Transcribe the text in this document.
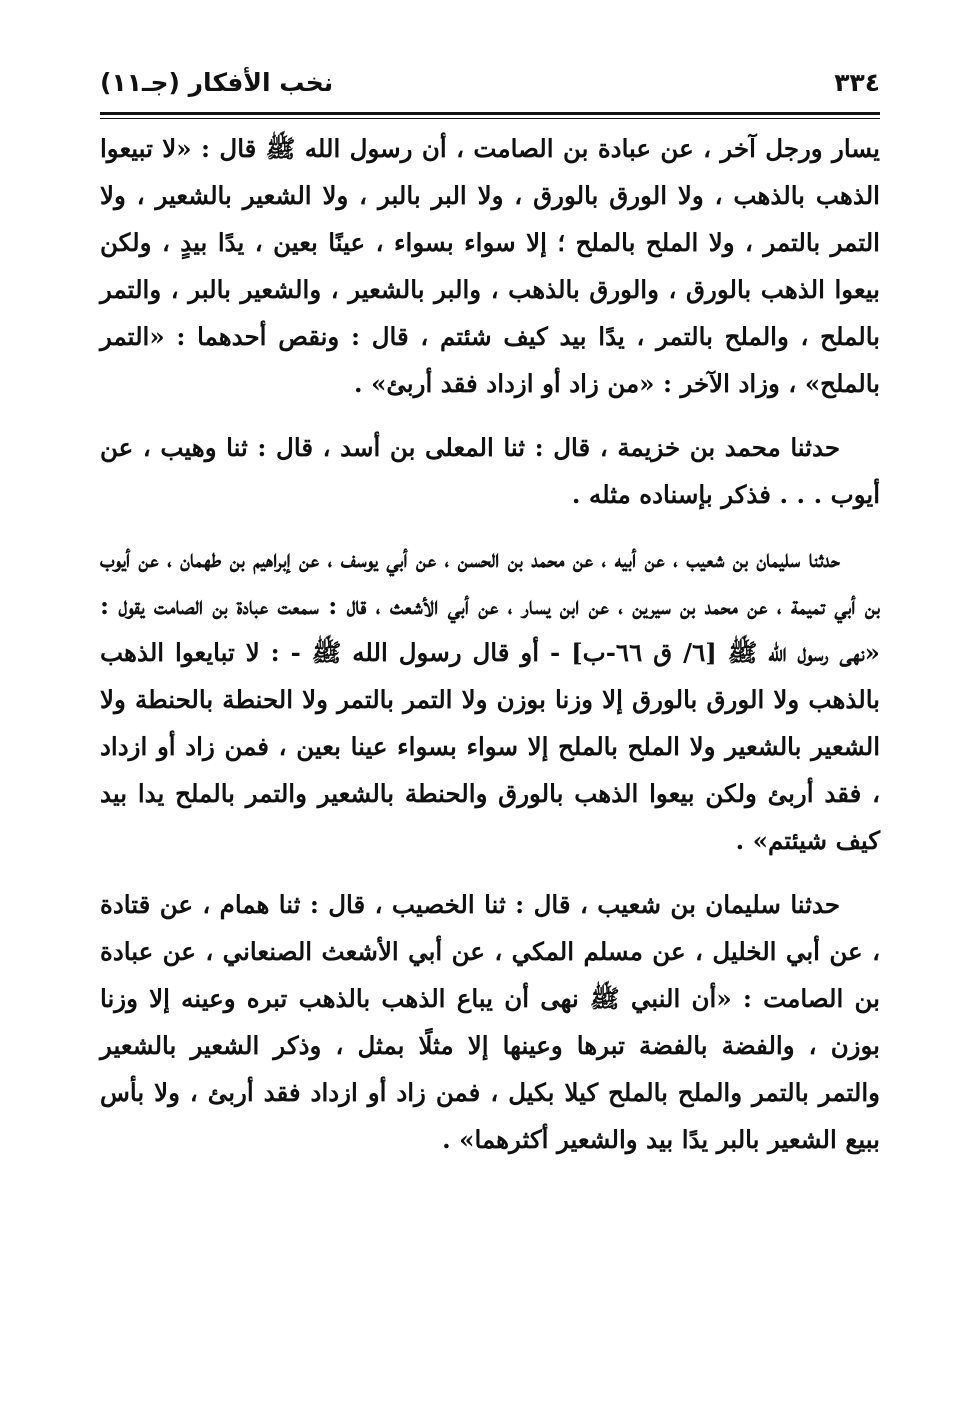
٣٣٤
نخب الأفكار (جـ١١)

يسار ورجل آخر ، عن عبادة بن الصامت ، أن رسول الله ﷺ قال : «لا تبيعوا الذهب بالذهب ، ولا الورق بالورق ، ولا البر بالبر ، ولا الشعير بالشعير ، ولا التمر بالتمر ، ولا الملح بالملح ؛ إلا سواء بسواء ، عينًا بعين ، يدًا بيدٍ ، ولكن بيعوا الذهب بالورق ، والورق بالذهب ، والبر بالشعير ، والشعير بالبر ، والتمر بالملح ، والملح بالتمر ، يدًا بيد كيف شئتم ، قال : ونقص أحدهما : «التمر بالملح» ، وزاد الآخر : «من زاد أو ازداد فقد أربئ» .

حدثنا محمد بن خزيمة ، قال : ثنا المعلى بن أسد ، قال : ثنا وهيب ، عن أيوب . . . فذكر بإسناده مثله .

حدثنا سليمان بن شعيب ، عن أبيه ، عن محمد بن الحسن ، عن أبي يوسف ، عن إبراهيم بن طهمان ، عن أيوب بن أبي تميمة ، عن محمد بن سيرين ، عن ابن يسار ، عن أبي الأشعث ، قال : سمعت عبادة بن الصامت يقول : «نهى رسول الله ﷺ [٦/ ق ٦٦-ب] - أو قال رسول الله ﷺ - : لا تبايعوا الذهب بالذهب ولا الورق بالورق إلا وزنا بوزن ولا التمر بالتمر ولا الحنطة بالحنطة ولا الشعير بالشعير ولا الملح بالملح إلا سواء بسواء عينا بعين ، فمن زاد أو ازداد ، فقد أربئ ولكن بيعوا الذهب بالورق والحنطة بالشعير والتمر بالملح يدا بيد كيف شيئتم» .

حدثنا سليمان بن شعيب ، قال : ثنا الخصيب ، قال : ثنا همام ، عن قتادة ، عن أبي الخليل ، عن مسلم المكي ، عن أبي الأشعث الصنعاني ، عن عبادة بن الصامت : «أن النبي ﷺ نهى أن يباع الذهب بالذهب تبره وعينه إلا وزنا بوزن ، والفضة بالفضة تبرها وعينها إلا مثلًا بمثل ، وذكر الشعير بالشعير والتمر بالتمر والملح بالملح كيلا بكيل ، فمن زاد أو ازداد فقد أربئ ، ولا بأس ببيع الشعير بالبر يدًا بيد والشعير أكثرهما» .
